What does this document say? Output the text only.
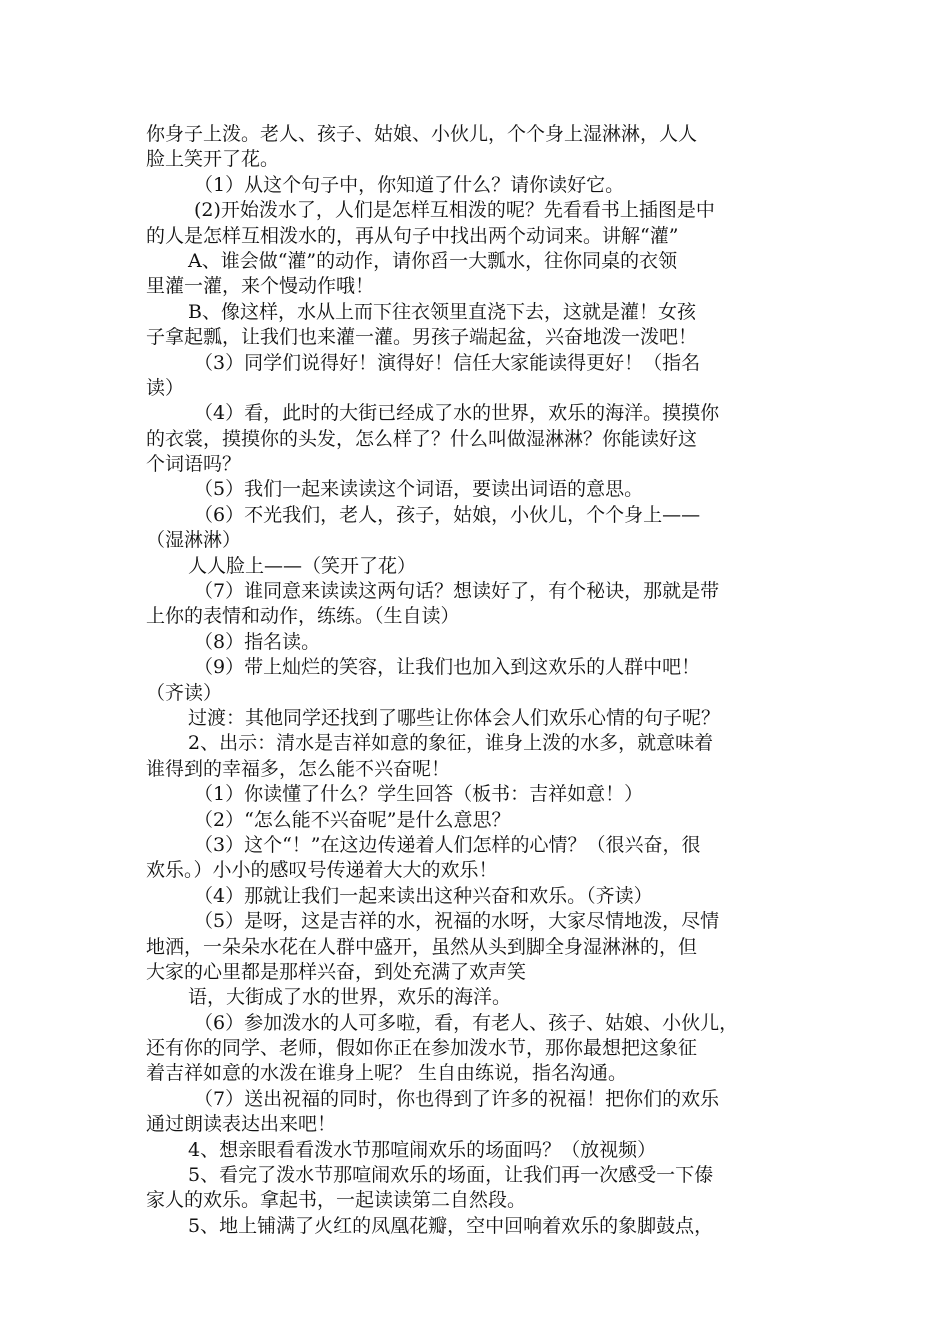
你身子上泼。老人、孩子、姑娘、小伙儿，个个身上湿淋淋，人人
脸上笑开了花。
（1）从这个句子中，你知道了什么？请你读好它。
(2)开始泼水了，人们是怎样互相泼的呢？先看看书上插图是中
的人是怎样互相泼水的，再从句子中找出两个动词来。讲解“灌”
A、谁会做“灌”的动作，请你舀一大瓢水，往你同桌的衣领
里灌一灌，来个慢动作哦！
B、像这样，水从上而下往衣领里直浇下去，这就是灌！女孩
子拿起瓢，让我们也来灌一灌。男孩子端起盆，兴奋地泼一泼吧！
（3）同学们说得好！演得好！信任大家能读得更好！（指名
读）
（4）看，此时的大街已经成了水的世界，欢乐的海洋。摸摸你
的衣裳，摸摸你的头发，怎么样了？什么叫做湿淋淋？你能读好这
个词语吗？
（5）我们一起来读读这个词语，要读出词语的意思。
（6）不光我们，老人，孩子，姑娘，小伙儿，个个身上——
（湿淋淋）
人人脸上——（笑开了花）
（7）谁同意来读读这两句话？想读好了，有个秘诀，那就是带
上你的表情和动作，练练。（生自读）
（8）指名读。
（9）带上灿烂的笑容，让我们也加入到这欢乐的人群中吧！
（齐读）
过渡：其他同学还找到了哪些让你体会人们欢乐心情的句子呢？
2、出示：清水是吉祥如意的象征，谁身上泼的水多，就意味着
谁得到的幸福多，怎么能不兴奋呢！
（1）你读懂了什么？学生回答（板书：吉祥如意！）
（2）“怎么能不兴奋呢”是什么意思？
（3）这个“！”在这边传递着人们怎样的心情？（很兴奋，很
欢乐。）小小的感叹号传递着大大的欢乐！
（4）那就让我们一起来读出这种兴奋和欢乐。（齐读）
（5）是呀，这是吉祥的水，祝福的水呀，大家尽情地泼，尽情
地洒，一朵朵水花在人群中盛开，虽然从头到脚全身湿淋淋的，但
大家的心里都是那样兴奋，到处充满了欢声笑
语，大街成了水的世界，欢乐的海洋。
（6）参加泼水的人可多啦，看，有老人、孩子、姑娘、小伙儿，
还有你的同学、老师，假如你正在参加泼水节，那你最想把这象征
着吉祥如意的水泼在谁身上呢？ 生自由练说，指名沟通。
（7）送出祝福的同时，你也得到了许多的祝福！把你们的欢乐
通过朗读表达出来吧！
4、想亲眼看看泼水节那喧闹欢乐的场面吗？（放视频）
5、看完了泼水节那喧闹欢乐的场面，让我们再一次感受一下傣
家人的欢乐。拿起书，一起读读第二自然段。
5、地上铺满了火红的凤凰花瓣，空中回响着欢乐的象脚鼓点，
